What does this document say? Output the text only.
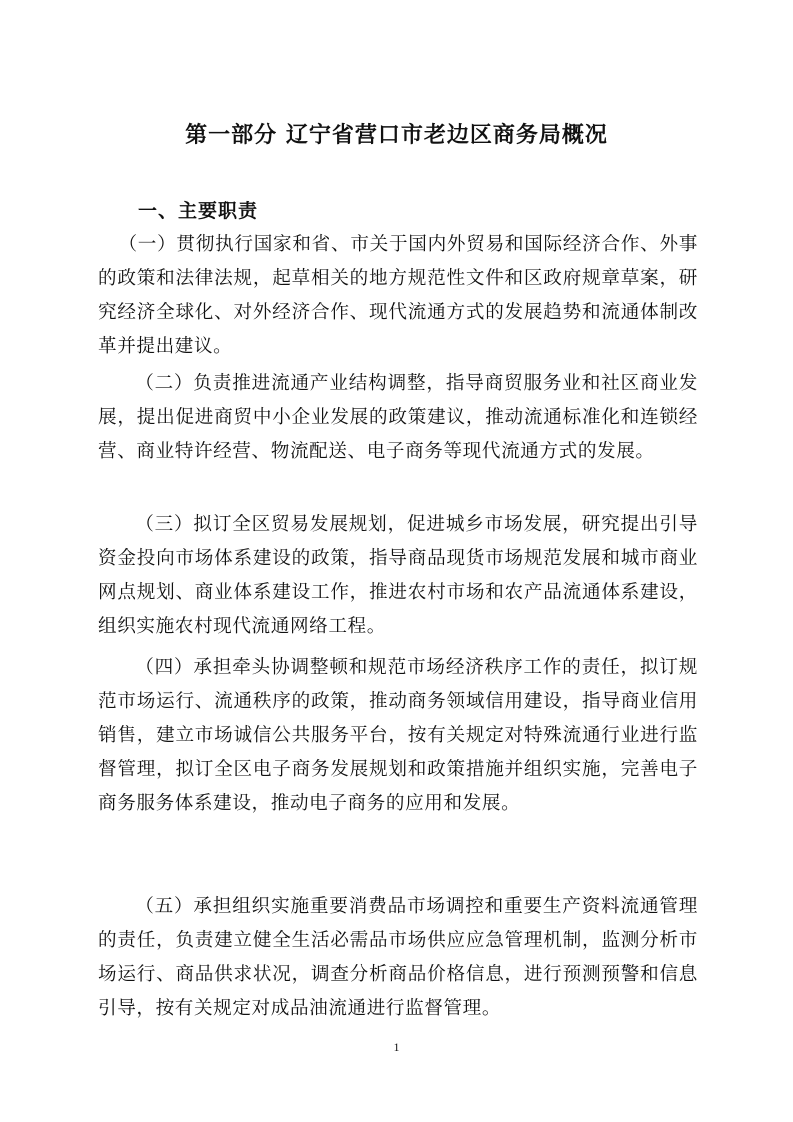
第一部分 辽宁省营口市老边区商务局概况
一、主要职责

（一）贯彻执行国家和省、市关于国内外贸易和国际经济合作、外事的政策和法律法规，起草相关的地方规范性文件和区政府规章草案，研究经济全球化、对外经济合作、现代流通方式的发展趋势和流通体制改革并提出建议。

（二）负责推进流通产业结构调整，指导商贸服务业和社区商业发展，提出促进商贸中小企业发展的政策建议，推动流通标准化和连锁经营、商业特许经营、物流配送、电子商务等现代流通方式的发展。

（三）拟订全区贸易发展规划，促进城乡市场发展，研究提出引导资金投向市场体系建设的政策，指导商品现货市场规范发展和城市商业网点规划、商业体系建设工作，推进农村市场和农产品流通体系建设，组织实施农村现代流通网络工程。

（四）承担牵头协调整顿和规范市场经济秩序工作的责任，拟订规范市场运行、流通秩序的政策，推动商务领域信用建设，指导商业信用销售，建立市场诚信公共服务平台，按有关规定对特殊流通行业进行监督管理，拟订全区电子商务发展规划和政策措施并组织实施，完善电子商务服务体系建设，推动电子商务的应用和发展。

（五）承担组织实施重要消费品市场调控和重要生产资料流通管理的责任，负责建立健全生活必需品市场供应应急管理机制，监测分析市场运行、商品供求状况，调查分析商品价格信息，进行预测预警和信息引导，按有关规定对成品油流通进行监督管理。

1
